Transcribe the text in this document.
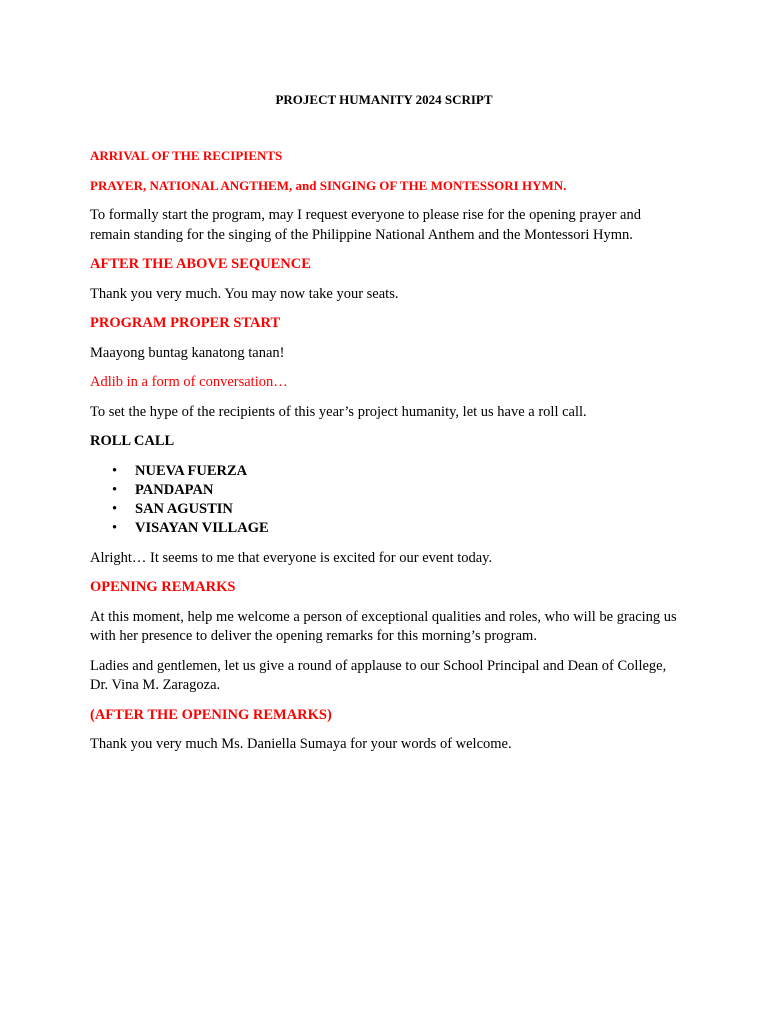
PROJECT HUMANITY 2024 SCRIPT
ARRIVAL OF THE RECIPIENTS
PRAYER, NATIONAL ANGTHEM, and SINGING OF THE MONTESSORI HYMN.

To formally start the program, may I request everyone to please rise for the opening prayer and remain standing for the singing of the Philippine National Anthem and the Montessori Hymn.

AFTER THE ABOVE SEQUENCE

Thank you very much. You may now take your seats.

PROGRAM PROPER START

Maayong buntag kanatong tanan!

Adlib in a form of conversation…

To set the hype of the recipients of this year’s project humanity, let us have a roll call.

ROLL CALL
• NUEVA FUERZA
• PANDAPAN
• SAN AGUSTIN
• VISAYAN VILLAGE

Alright… It seems to me that everyone is excited for our event today.

OPENING REMARKS

At this moment, help me welcome a person of exceptional qualities and roles, who will be gracing us with her presence to deliver the opening remarks for this morning’s program.

Ladies and gentlemen, let us give a round of applause to our School Principal and Dean of College, Dr. Vina M. Zaragoza.

(AFTER THE OPENING REMARKS)

Thank you very much Ms. Daniella Sumaya for your words of welcome.
